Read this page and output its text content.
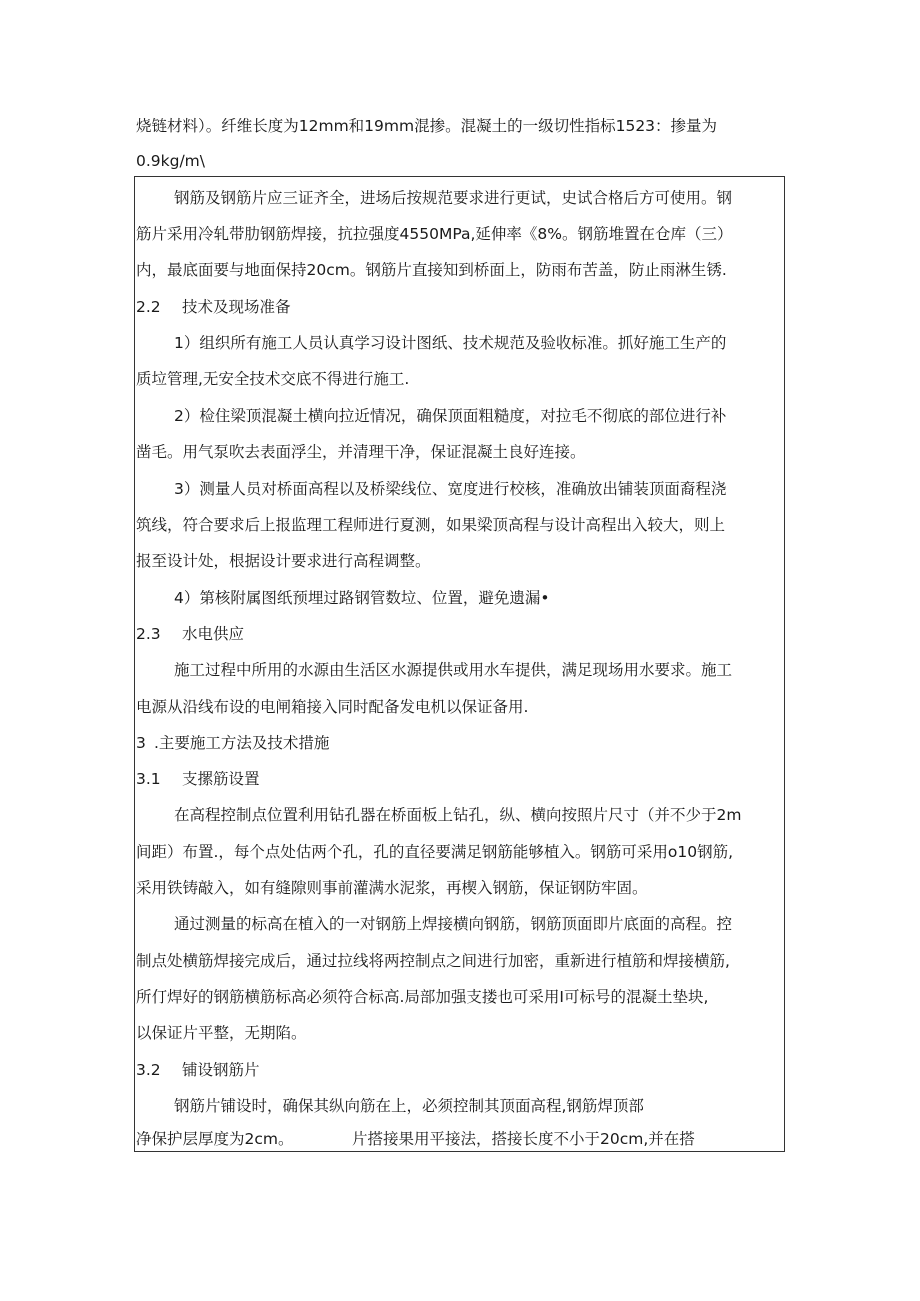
烧链材料）。纤维长度为12mm和19mm混掺。混凝土的一级切性指标1523：掺量为
0.9kg∕m\
钢筋及钢筋片应三证齐全，进场后按规范要求进行更试，史试合格后方可使用。钢
筋片采用冷轧带肋钢筋焊接，抗拉强度4550MPa,延伸率《8%。钢筋堆置在仓库（三）
内，最底面要与地面保持20cm。钢筋片直接知到桥面上，防雨布苦盖，防止雨淋生锈.
2.2 技术及现场准备
1）组织所有施工人员认真学习设计图纸、技术规范及验收标准。抓好施工生产的
质垃管理,无安全技术交底不得进行施工.
2）检住梁顶混凝土横向拉近情况，确保顶面粗糙度，对拉毛不彻底的部位进行补
凿毛。用气泵吹去表面浮尘，并清理干净，保证混凝土良好连接。
3）测量人员对桥面高程以及桥梁线位、宽度进行校核，准确放出铺装顶面裔程浇
筑线，符合要求后上报监理工程师进行夏测，如果梁顶高程与设计高程出入较大，则上
报至设计处，根据设计要求进行高程调整。
4）第核附属图纸预埋过路钢管数垃、位置，避免遗漏•
2.3 水电供应
施工过程中所用的水源由生活区水源提供或用水车提供，满足现场用水要求。施工
电源从沿线布设的电闸箱接入同时配备发电机以保证备用.
3 .主要施工方法及技术措施
3.1 支摞筋设置
在高程控制点位置利用钻孔器在桥面板上钻孔，纵、横向按照片尺寸（并不少于2m
间距）布置.，每个点处估两个孔，孔的直径要满足钢筋能够植入。钢筋可采用o10钢筋,
采用铁铸敲入，如有缝隙则事前灌满水泥浆，再楔入钢筋，保证钢防牢固。
通过测量的标高在植入的一对钢筋上焊接横向钢筋，钢筋顶面即片底面的高程。控
制点处横筋焊接完成后，通过拉线将两控制点之间进行加密，重新进行植筋和焊接横筋,
所仃焊好的钢筋横筋标高必须符合标高.局部加强支搂也可采用I可标号的混凝土垫块,
以保证片平整，无期陷。
3.2 铺设钢筋片
钢筋片铺设时，确保其纵向筋在上，必须控制其顶面高程,钢筋焊顶部
净保护层厚度为2cm。	片搭接果用平接法，搭接长度不小于20cm,并在搭
